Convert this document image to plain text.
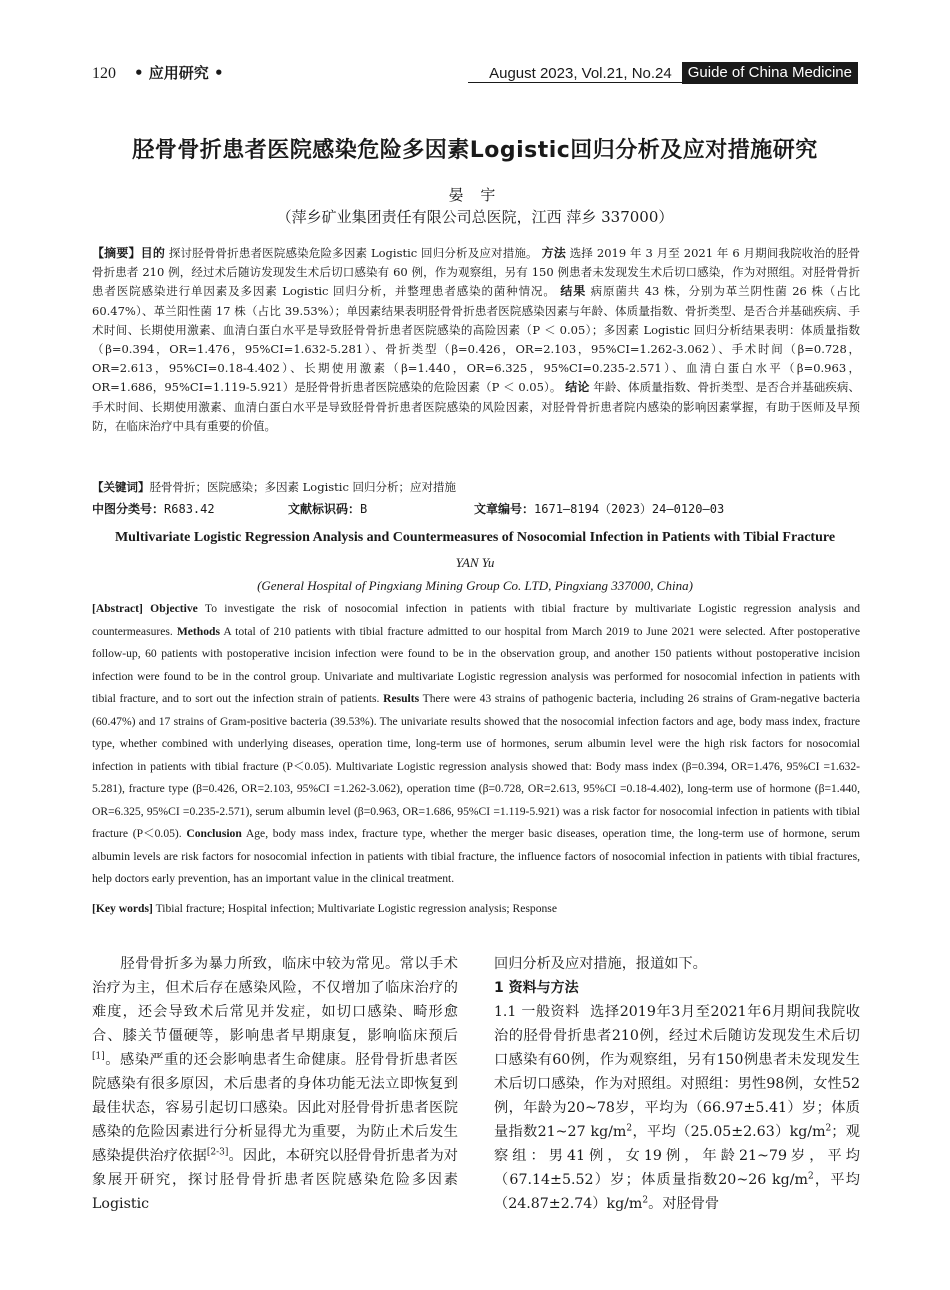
120 • 应用研究 •	August 2023, Vol.21, No.24	Guide of China Medicine
胫骨骨折患者医院感染危险多因素Logistic回归分析及应对措施研究
晏 宇
（萍乡矿业集团责任有限公司总医院，江西 萍乡 337000）
【摘要】目的 探讨胫骨骨折患者医院感染危险多因素 Logistic 回归分析及应对措施。 方法 选择 2019 年 3 月至 2021 年 6 月期间我院收治的胫骨骨折患者 210 例，经过术后随访发现发生术后切口感染有 60 例，作为观察组，另有 150 例患者未发现发生术后切口感染，作为对照组。对胫骨骨折患者医院感染进行单因素及多因素 Logistic 回归分析，并整理患者感染的菌种情况。 结果 病原菌共 43 株，分别为革兰阴性菌 26 株（占比 60.47%）、革兰阳性菌 17 株（占比 39.53%）；单因素结果表明胫骨骨折患者医院感染因素与年龄、体质量指数、骨折类型、是否合并基础疾病、手术时间、长期使用激素、血清白蛋白水平是导致胫骨骨折患者医院感染的高险因素（P ＜ 0.05）；多因素 Logistic 回归分析结果表明：体质量指数（β=0.394，OR=1.476，95%CI=1.632-5.281）、骨折类型（β=0.426，OR=2.103，95%CI=1.262-3.062）、手术时间（β=0.728，OR=2.613，95%CI=0.18-4.402）、长期使用激素（β=1.440，OR=6.325，95%CI=0.235-2.571）、血清白蛋白水平（β=0.963，OR=1.686，95%CI=1.119-5.921）是胫骨骨折患者医院感染的危险因素（P ＜ 0.05）。 结论 年龄、体质量指数、骨折类型、是否合并基础疾病、手术时间、长期使用激素、血清白蛋白水平是导致胫骨骨折患者医院感染的风险因素，对胫骨骨折患者院内感染的影响因素掌握，有助于医师及早预防，在临床治疗中具有重要的价值。
【关键词】胫骨骨折；医院感染；多因素 Logistic 回归分析；应对措施
中图分类号：R683.42	文献标识码：B	文章编号：1671—8194（2023）24—0120—03
Multivariate Logistic Regression Analysis and Countermeasures of Nosocomial Infection in Patients with Tibial Fracture
YAN Yu
(General Hospital of Pingxiang Mining Group Co. LTD, Pingxiang 337000, China)
[Abstract] Objective To investigate the risk of nosocomial infection in patients with tibial fracture by multivariate Logistic regression analysis and countermeasures. Methods A total of 210 patients with tibial fracture admitted to our hospital from March 2019 to June 2021 were selected. After postoperative follow-up, 60 patients with postoperative incision infection were found to be in the observation group, and another 150 patients without postoperative incision infection were found to be in the control group. Univariate and multivariate Logistic regression analysis was performed for nosocomial infection in patients with tibial fracture, and to sort out the infection strain of patients. Results There were 43 strains of pathogenic bacteria, including 26 strains of Gram-negative bacteria (60.47%) and 17 strains of Gram-positive bacteria (39.53%). The univariate results showed that the nosocomial infection factors and age, body mass index, fracture type, whether combined with underlying diseases, operation time, long-term use of hormones, serum albumin level were the high risk factors for nosocomial infection in patients with tibial fracture (P＜0.05). Multivariate Logistic regression analysis showed that: Body mass index (β=0.394, OR=1.476, 95%CI =1.632-5.281), fracture type (β=0.426, OR=2.103, 95%CI =1.262-3.062), operation time (β=0.728, OR=2.613, 95%CI =0.18-4.402), long-term use of hormone (β=1.440, OR=6.325, 95%CI =0.235-2.571), serum albumin level (β=0.963, OR=1.686, 95%CI =1.119-5.921) was a risk factor for nosocomial infection in patients with tibial fracture (P＜0.05). Conclusion Age, body mass index, fracture type, whether the merger basic diseases, operation time, the long-term use of hormone, serum albumin levels are risk factors for nosocomial infection in patients with tibial fracture, the influence factors of nosocomial infection in patients with tibial fractures, help doctors early prevention, has an important value in the clinical treatment.
[Key words] Tibial fracture; Hospital infection; Multivariate Logistic regression analysis; Response

胫骨骨折多为暴力所致，临床中较为常见。常以手术治疗为主，但术后存在感染风险，不仅增加了临床治疗的难度，还会导致术后常见并发症，如切口感染、畸形愈合、膝关节僵硬等，影响患者早期康复，影响临床预后[1]。感染严重的还会影响患者生命健康。胫骨骨折患者医院感染有很多原因，术后患者的身体功能无法立即恢复到最佳状态，容易引起切口感染。因此对胫骨骨折患者医院感染的危险因素进行分析显得尤为重要，为防止术后发生感染提供治疗依据[2-3]。因此，本研究以胫骨骨折患者为对象展开研究，探讨胫骨骨折患者医院感染危险多因素Logistic

回归分析及应对措施，报道如下。

1 资料与方法

1.1 一般资料 选择2019年3月至2021年6月期间我院收治的胫骨骨折患者210例，经过术后随访发现发生术后切口感染有60例，作为观察组，另有150例患者未发现发生术后切口感染，作为对照组。对照组：男性98例，女性52例，年龄为20~78岁，平均为（66.97±5.41）岁；体质量指数21~27 $kg/m^2$，平均$(25.05\pm 2.63)kg/m^2$；观察组：男41例，女19例，年龄21~79岁，平均（67.14±5.52）岁；体质量指数20~26 $kg/m^2$，平均$(24.87\pm 2.74)kg/m^2$。对胫骨骨
